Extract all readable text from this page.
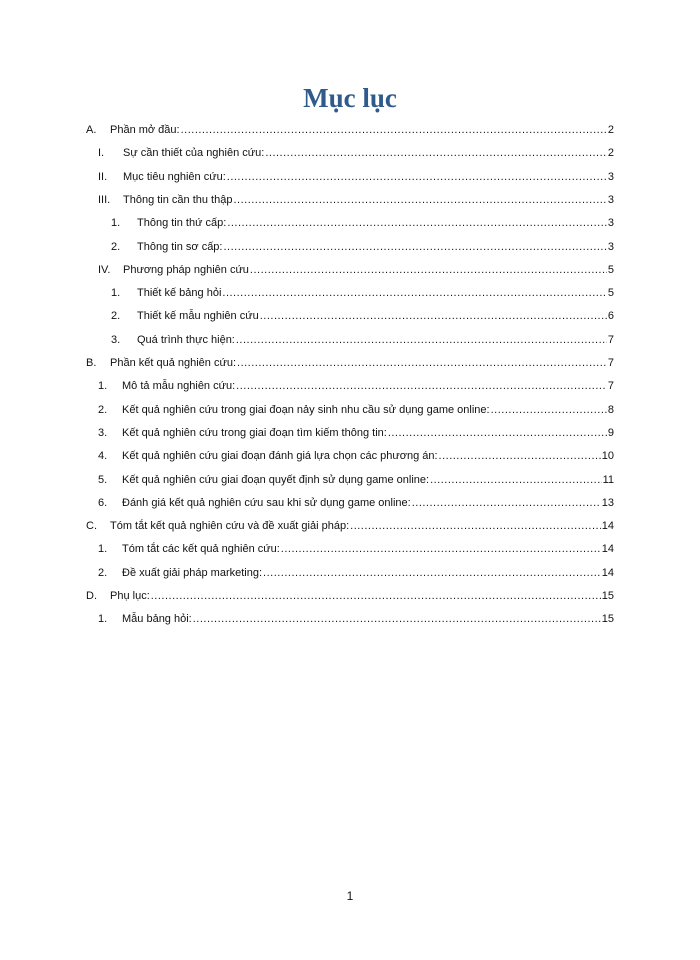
Mục lục
A. Phần mở đầu: .....	2
I. Sự cần thiết của nghiên cứu: .....	2
II. Mục tiêu nghiên cứu: .....	3
III. Thông tin cần thu thập .....	3
1. Thông tin thứ cấp: .....	3
2. Thông tin sơ cấp: .....	3
IV. Phương pháp nghiên cứu .....	5
1. Thiết kế bảng hỏi .....	5
2. Thiết kế mẫu nghiên cứu .....	6
3. Quá trình thực hiện: .....	7
B. Phần kết quả nghiên cứu: .....	7
1. Mô tả mẫu nghiên cứu: .....	7
2. Kết quả nghiên cứu trong giai đoạn nảy sinh nhu cầu sử dụng game online: .....	8
3. Kết quả nghiên cứu trong giai đoạn tìm kiếm thông tin: .....	9
4. Kết quả nghiên cứu giai đoạn đánh giá lựa chọn các phương án: .....	10
5. Kết quả nghiên cứu giai đoạn quyết định sử dụng game online: .....	11
6. Đánh giá kết quả nghiên cứu sau khi sử dụng game online: .....	13
C. Tóm tắt kết quả nghiên cứu và đề xuất giải pháp: .....	14
1. Tóm tắt các kết quả nghiên cứu: .....	14
2. Đề xuất giải pháp marketing: .....	14
D. Phụ lục: .....	15
1. Mẫu bảng hỏi: .....	15
1
